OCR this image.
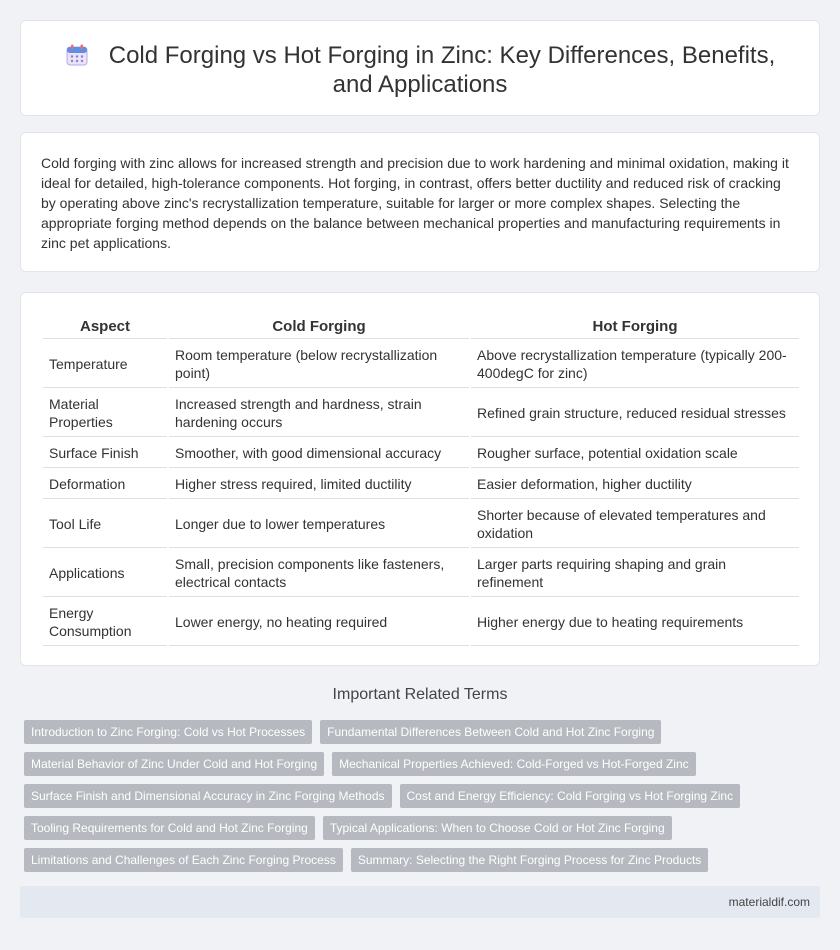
Cold Forging vs Hot Forging in Zinc: Key Differences, Benefits, and Applications

Cold forging with zinc allows for increased strength and precision due to work hardening and minimal oxidation, making it ideal for detailed, high-tolerance components. Hot forging, in contrast, offers better ductility and reduced risk of cracking by operating above zinc's recrystallization temperature, suitable for larger or more complex shapes. Selecting the appropriate forging method depends on the balance between mechanical properties and manufacturing requirements in zinc pet applications.

Aspect	Cold Forging	Hot Forging
Temperature	Room temperature (below recrystallization point)	Above recrystallization temperature (typically 200-400degC for zinc)
Material Properties	Increased strength and hardness, strain hardening occurs	Refined grain structure, reduced residual stresses
Surface Finish	Smoother, with good dimensional accuracy	Rougher surface, potential oxidation scale
Deformation	Higher stress required, limited ductility	Easier deformation, higher ductility
Tool Life	Longer due to lower temperatures	Shorter because of elevated temperatures and oxidation
Applications	Small, precision components like fasteners, electrical contacts	Larger parts requiring shaping and grain refinement
Energy Consumption	Lower energy, no heating required	Higher energy due to heating requirements
Important Related Terms
Introduction to Zinc Forging: Cold vs Hot Processes	Fundamental Differences Between Cold and Hot Zinc Forging
Material Behavior of Zinc Under Cold and Hot Forging	Mechanical Properties Achieved: Cold-Forged vs Hot-Forged Zinc
Surface Finish and Dimensional Accuracy in Zinc Forging Methods	Cost and Energy Efficiency: Cold Forging vs Hot Forging Zinc
Tooling Requirements for Cold and Hot Zinc Forging	Typical Applications: When to Choose Cold or Hot Zinc Forging
Limitations and Challenges of Each Zinc Forging Process	Summary: Selecting the Right Forging Process for Zinc Products
materialdif.com
